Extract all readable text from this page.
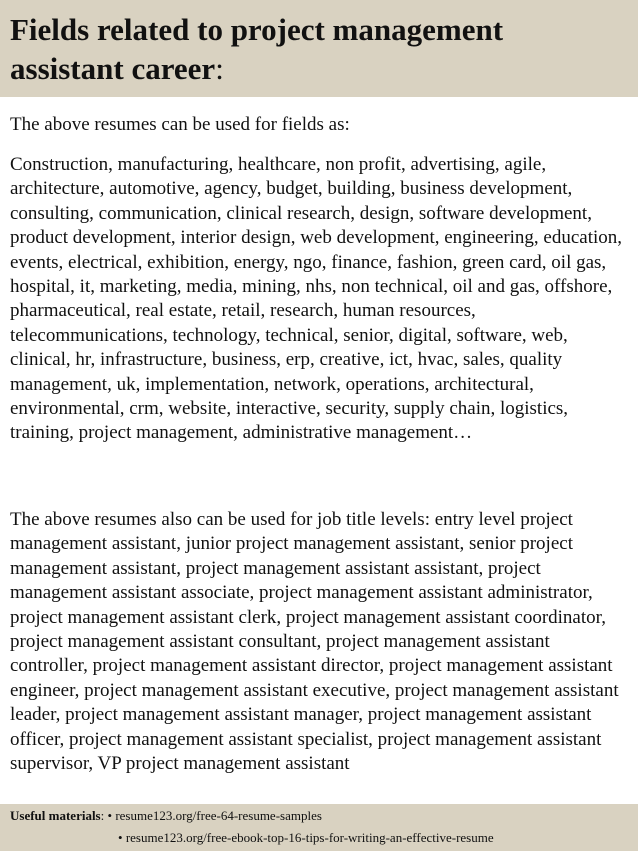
Fields related to project management
assistant career:

The above resumes can be used for fields as:

Construction, manufacturing, healthcare, non profit, advertising, agile, architecture, automotive, agency, budget, building, business development, consulting, communication, clinical research, design, software development, product development, interior design, web development, engineering, education, events, electrical, exhibition, energy, ngo, finance, fashion, green card, oil gas, hospital, it, marketing, media, mining, nhs, non technical, oil and gas, offshore, pharmaceutical, real estate, retail, research, human resources, telecommunications, technology, technical, senior, digital, software, web, clinical, hr, infrastructure, business, erp, creative, ict, hvac, sales, quality management, uk, implementation, network, operations, architectural, environmental, crm, website, interactive, security, supply chain, logistics, training, project management, administrative management…

The above resumes also can be used for job title levels: entry level project management assistant, junior project management assistant, senior project management assistant, project management assistant assistant, project management assistant associate, project management assistant administrator, project management assistant clerk, project management assistant coordinator, project management assistant consultant, project management assistant controller, project management assistant director, project management assistant engineer, project management assistant executive, project management assistant leader, project management assistant manager, project management assistant officer, project management assistant specialist, project management assistant supervisor, VP project management assistant

Useful materials: • resume123.org/free-64-resume-samples
• resume123.org/free-ebook-top-16-tips-for-writing-an-effective-resume
